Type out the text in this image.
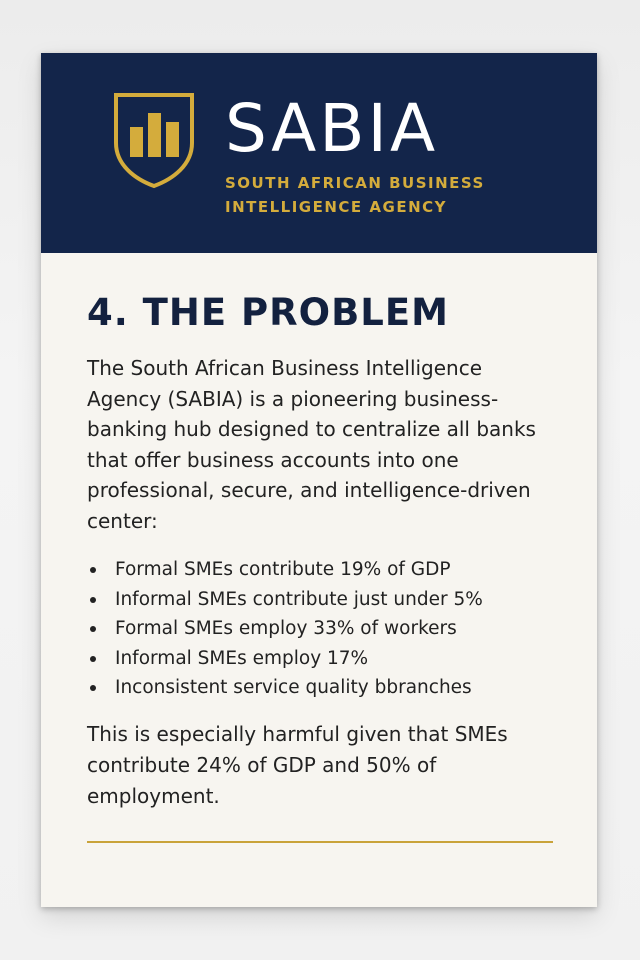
SABIA

SOUTH AFRICAN BUSINESS
INTELLIGENCE AGENCY

4. THE PROBLEM

The South African Business Intelligence Agency (SABIA) is a pioneering business-banking hub designed to centralize all banks that offer business accounts into one professional, secure, and intelligence-driven center:

Formal SMEs contribute 19% of GDP
Informal SMEs contribute just under 5%
Formal SMEs employ 33% of workers
Informal SMEs employ 17%
Inconsistent service quality bbranches

This is especially harmful given that SMEs contribute 24% of GDP and 50% of employment.
